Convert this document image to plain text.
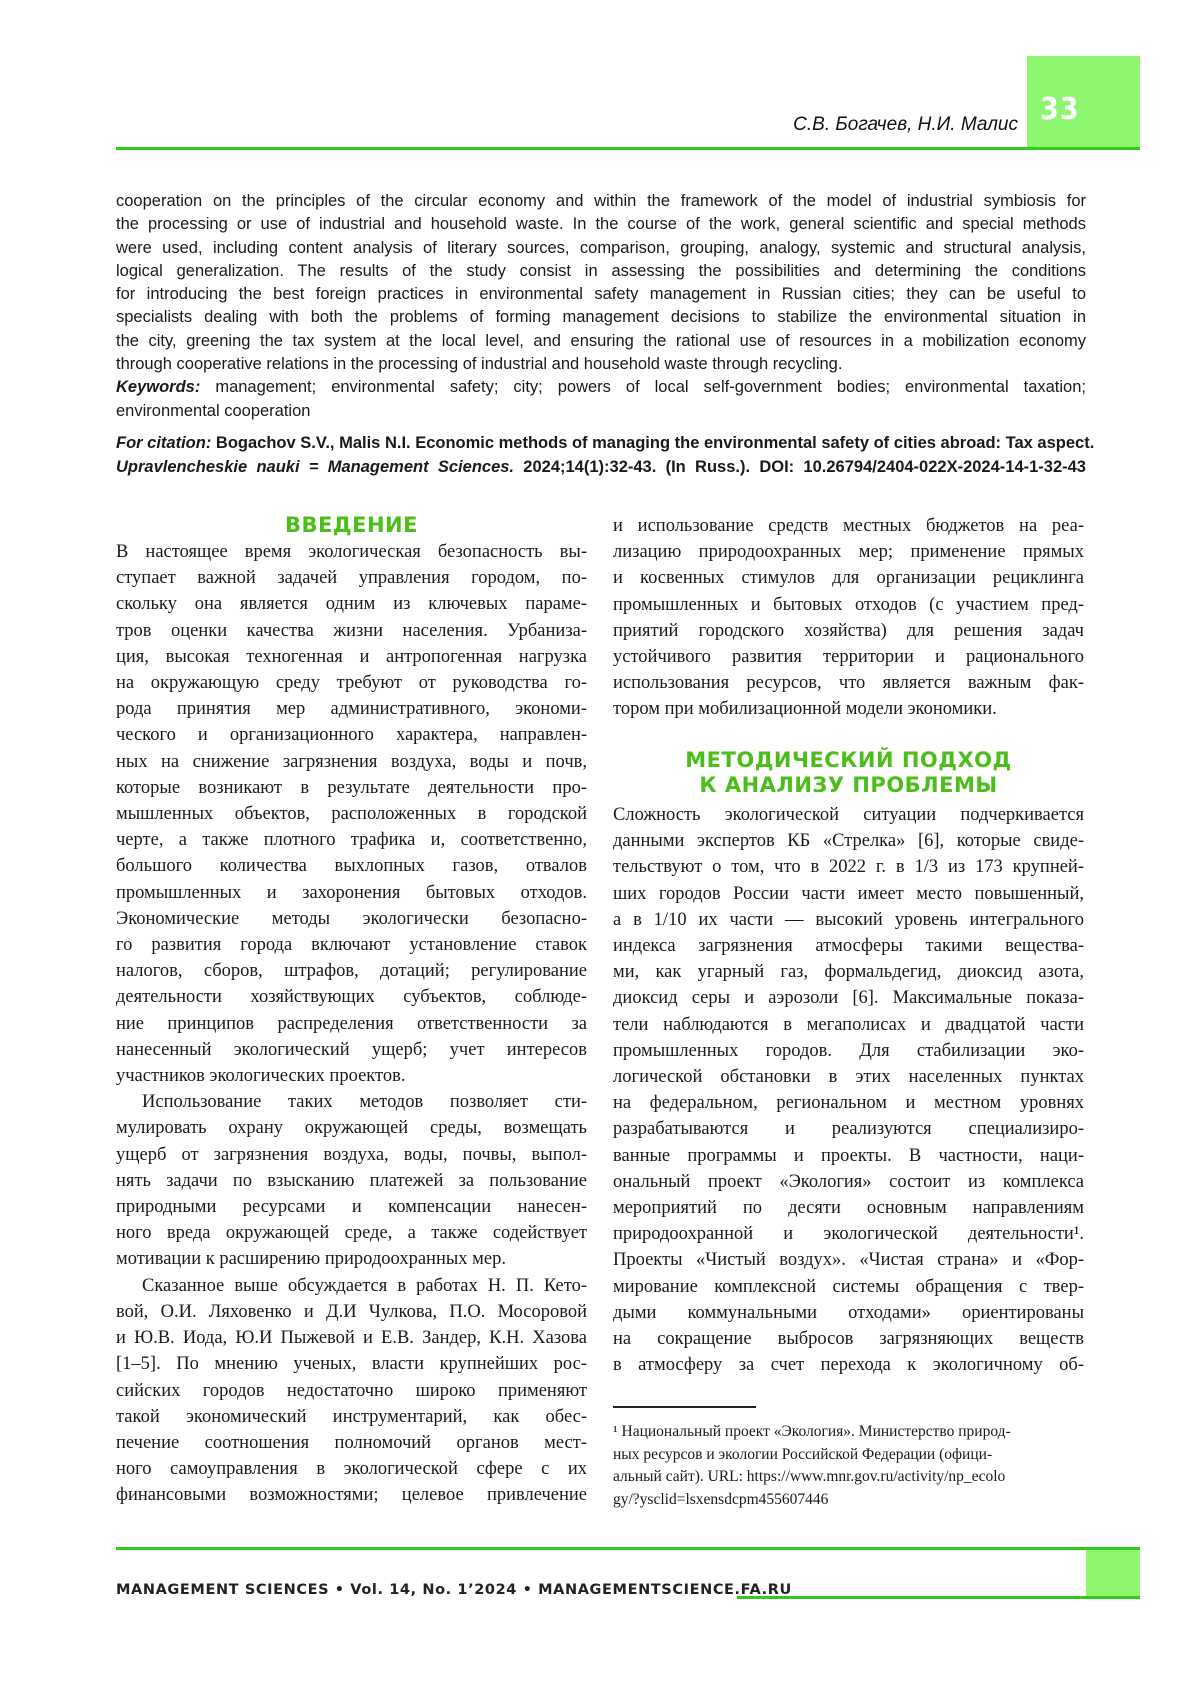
33
С.В. Богачев, Н.И. Малис
cooperation on the principles of the circular economy and within the framework of the model of industrial symbiosis for
the processing or use of industrial and household waste. In the course of the work, general scientific and special methods
were used, including content analysis of literary sources, comparison, grouping, analogy, systemic and structural analysis,
logical generalization. The results of the study consist in assessing the possibilities and determining the conditions
for introducing the best foreign practices in environmental safety management in Russian cities; they can be useful to
specialists dealing with both the problems of forming management decisions to stabilize the environmental situation in
the city, greening the tax system at the local level, and ensuring the rational use of resources in a mobilization economy
through cooperative relations in the processing of industrial and household waste through recycling.
Keywords: management; environmental safety; city; powers of local self-government bodies; environmental taxation;
environmental cooperation
For citation: Bogachov S.V., Malis N.I. Economic methods of managing the environmental safety of cities abroad: Tax aspect.
Upravlencheskie nauki = Management Sciences. 2024;14(1):32-43. (In Russ.). DOI: 10.26794/2404-022X-2024-14-1-32-43
ВВЕДЕНИЕ
В настоящее время экологическая безопасность вы-
ступает важной задачей управления городом, по-
скольку она является одним из ключевых параме-
тров оценки качества жизни населения. Урбаниза-
ция, высокая техногенная и антропогенная нагрузка
на окружающую среду требуют от руководства го-
рода принятия мер административного, экономи-
ческого и организационного характера, направлен-
ных на снижение загрязнения воздуха, воды и почв,
которые возникают в результате деятельности про-
мышленных объектов, расположенных в городской
черте, а также плотного трафика и, соответственно,
большого количества выхлопных газов, отвалов
промышленных и захоронения бытовых отходов.
Экономические методы экологически безопасно-
го развития города включают установление ставок
налогов, сборов, штрафов, дотаций; регулирование
деятельности хозяйствующих субъектов, соблюде-
ние принципов распределения ответственности за
нанесенный экологический ущерб; учет интересов
участников экологических проектов.
Использование таких методов позволяет сти-
мулировать охрану окружающей среды, возмещать
ущерб от загрязнения воздуха, воды, почвы, выпол-
нять задачи по взысканию платежей за пользование
природными ресурсами и компенсации нанесен-
ного вреда окружающей среде, а также содействует
мотивации к расширению природоохранных мер.
Сказанное выше обсуждается в работах Н. П. Кето-
вой, О.И. Ляховенко и Д.И Чулкова, П.О. Мосоровой
и Ю.В. Иода, Ю.И Пыжевой и Е.В. Зандер, К.Н. Хазова
[1–5]. По мнению ученых, власти крупнейших рос-
сийских городов недостаточно широко применяют
такой экономический инструментарий, как обес-
печение соотношения полномочий органов мест-
ного самоуправления в экологической сфере с их
финансовыми возможностями; целевое привлечение
и использование средств местных бюджетов на реа-
лизацию природоохранных мер; применение прямых
и косвенных стимулов для организации рециклинга
промышленных и бытовых отходов (с участием пред-
приятий городского хозяйства) для решения задач
устойчивого развития территории и рационального
использования ресурсов, что является важным фак-
тором при мобилизационной модели экономики.
МЕТОДИЧЕСКИЙ ПОДХОД
К АНАЛИЗУ ПРОБЛЕМЫ
Сложность экологической ситуации подчеркивается
данными экспертов КБ «Стрелка» [6], которые свиде-
тельствуют о том, что в 2022 г. в 1/3 из 173 крупней-
ших городов России части имеет место повышенный,
а в 1/10 их части — высокий уровень интегрального
индекса загрязнения атмосферы такими вещества-
ми, как угарный газ, формальдегид, диоксид азота,
диоксид серы и аэрозоли [6]. Максимальные показа-
тели наблюдаются в мегаполисах и двадцатой части
промышленных городов. Для стабилизации эко-
логической обстановки в этих населенных пунктах
на федеральном, региональном и местном уровнях
разрабатываются и реализуются специализиро-
ванные программы и проекты. В частности, наци-
ональный проект «Экология» состоит из комплекса
мероприятий по десяти основным направлениям
природоохранной и экологической деятельности¹.
Проекты «Чистый воздух». «Чистая страна» и «Фор-
мирование комплексной системы обращения с твер-
дыми коммунальными отходами» ориентированы
на сокращение выбросов загрязняющих веществ
в атмосферу за счет перехода к экологичному об-
¹ Национальный проект «Экология». Министерство природ-
ных ресурсов и экологии Российской Федерации (офици-
альный сайт). URL: https://www.mnr.gov.ru/activity/np_ecolo
gy/?ysclid=lsxensdcpm455607446
MANAGEMENT SCIENCES • Vol. 14, No. 1’2024 • MANAGEMENTSCIENCE.FA.RU
